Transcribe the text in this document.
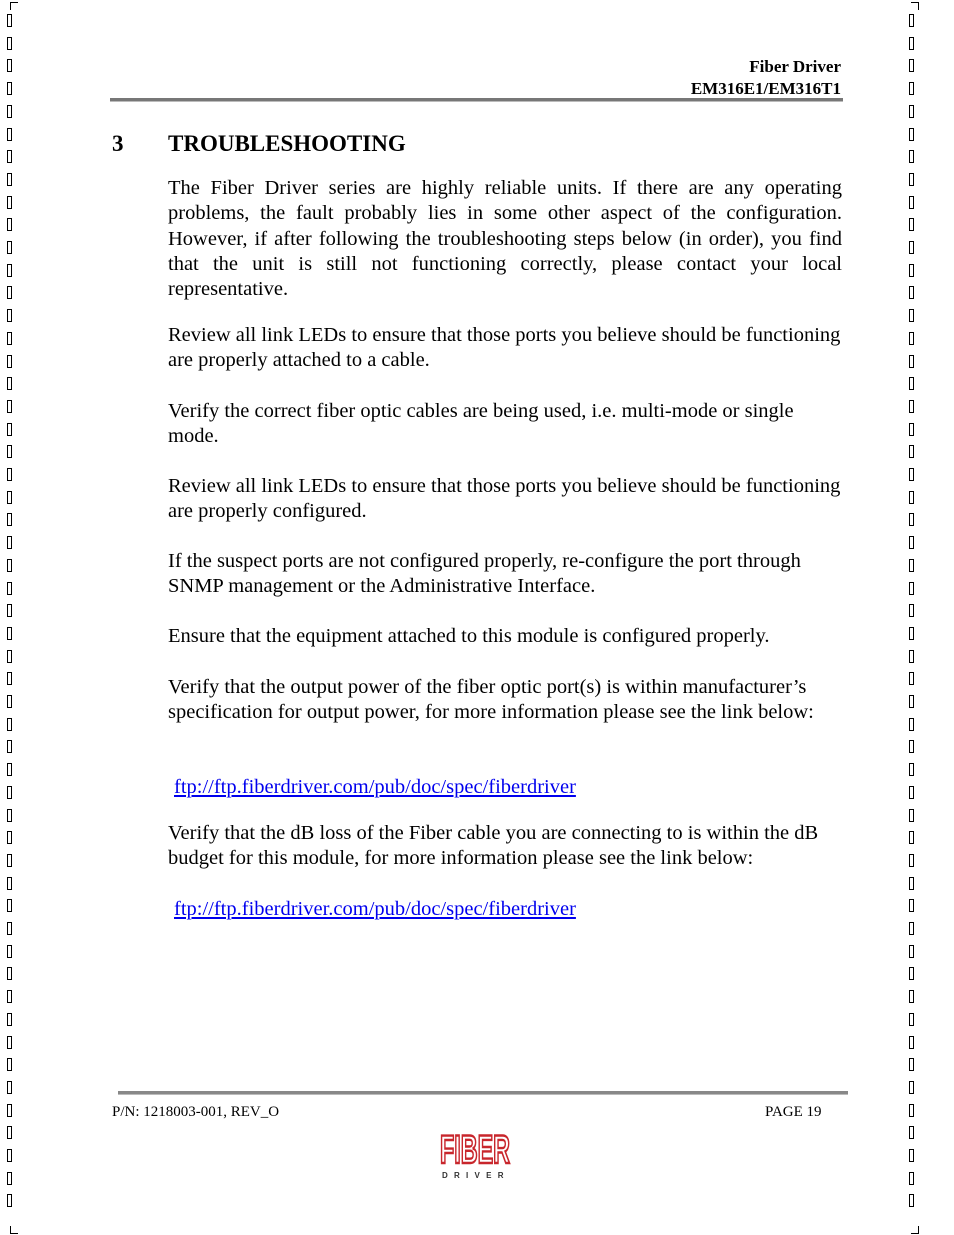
Fiber Driver
EM316E1/EM316T1
3 TROUBLESHOOTING

The Fiber Driver series are highly reliable units. If there are any operating problems, the fault probably lies in some other aspect of the configuration. However, if after following the troubleshooting steps below (in order), you find that the unit is still not functioning correctly, please contact your local representative.

Review all link LEDs to ensure that those ports you believe should be functioning are properly attached to a cable.

Verify the correct fiber optic cables are being used, i.e. multi-mode or single mode.

Review all link LEDs to ensure that those ports you believe should be functioning are properly configured.

If the suspect ports are not configured properly, re-configure the port through SNMP management or the Administrative Interface.

Ensure that the equipment attached to this module is configured properly.

Verify that the output power of the fiber optic port(s) is within manufacturer’s specification for output power, for more information please see the link below:

ftp://ftp.fiberdriver.com/pub/doc/spec/fiberdriver

Verify that the dB loss of the Fiber cable you are connecting to is within the dB budget for this module, for more information please see the link below:

ftp://ftp.fiberdriver.com/pub/doc/spec/fiberdriver

P/N: 1218003-001, REV_O	PAGE 19
FIBER
DRIVER
